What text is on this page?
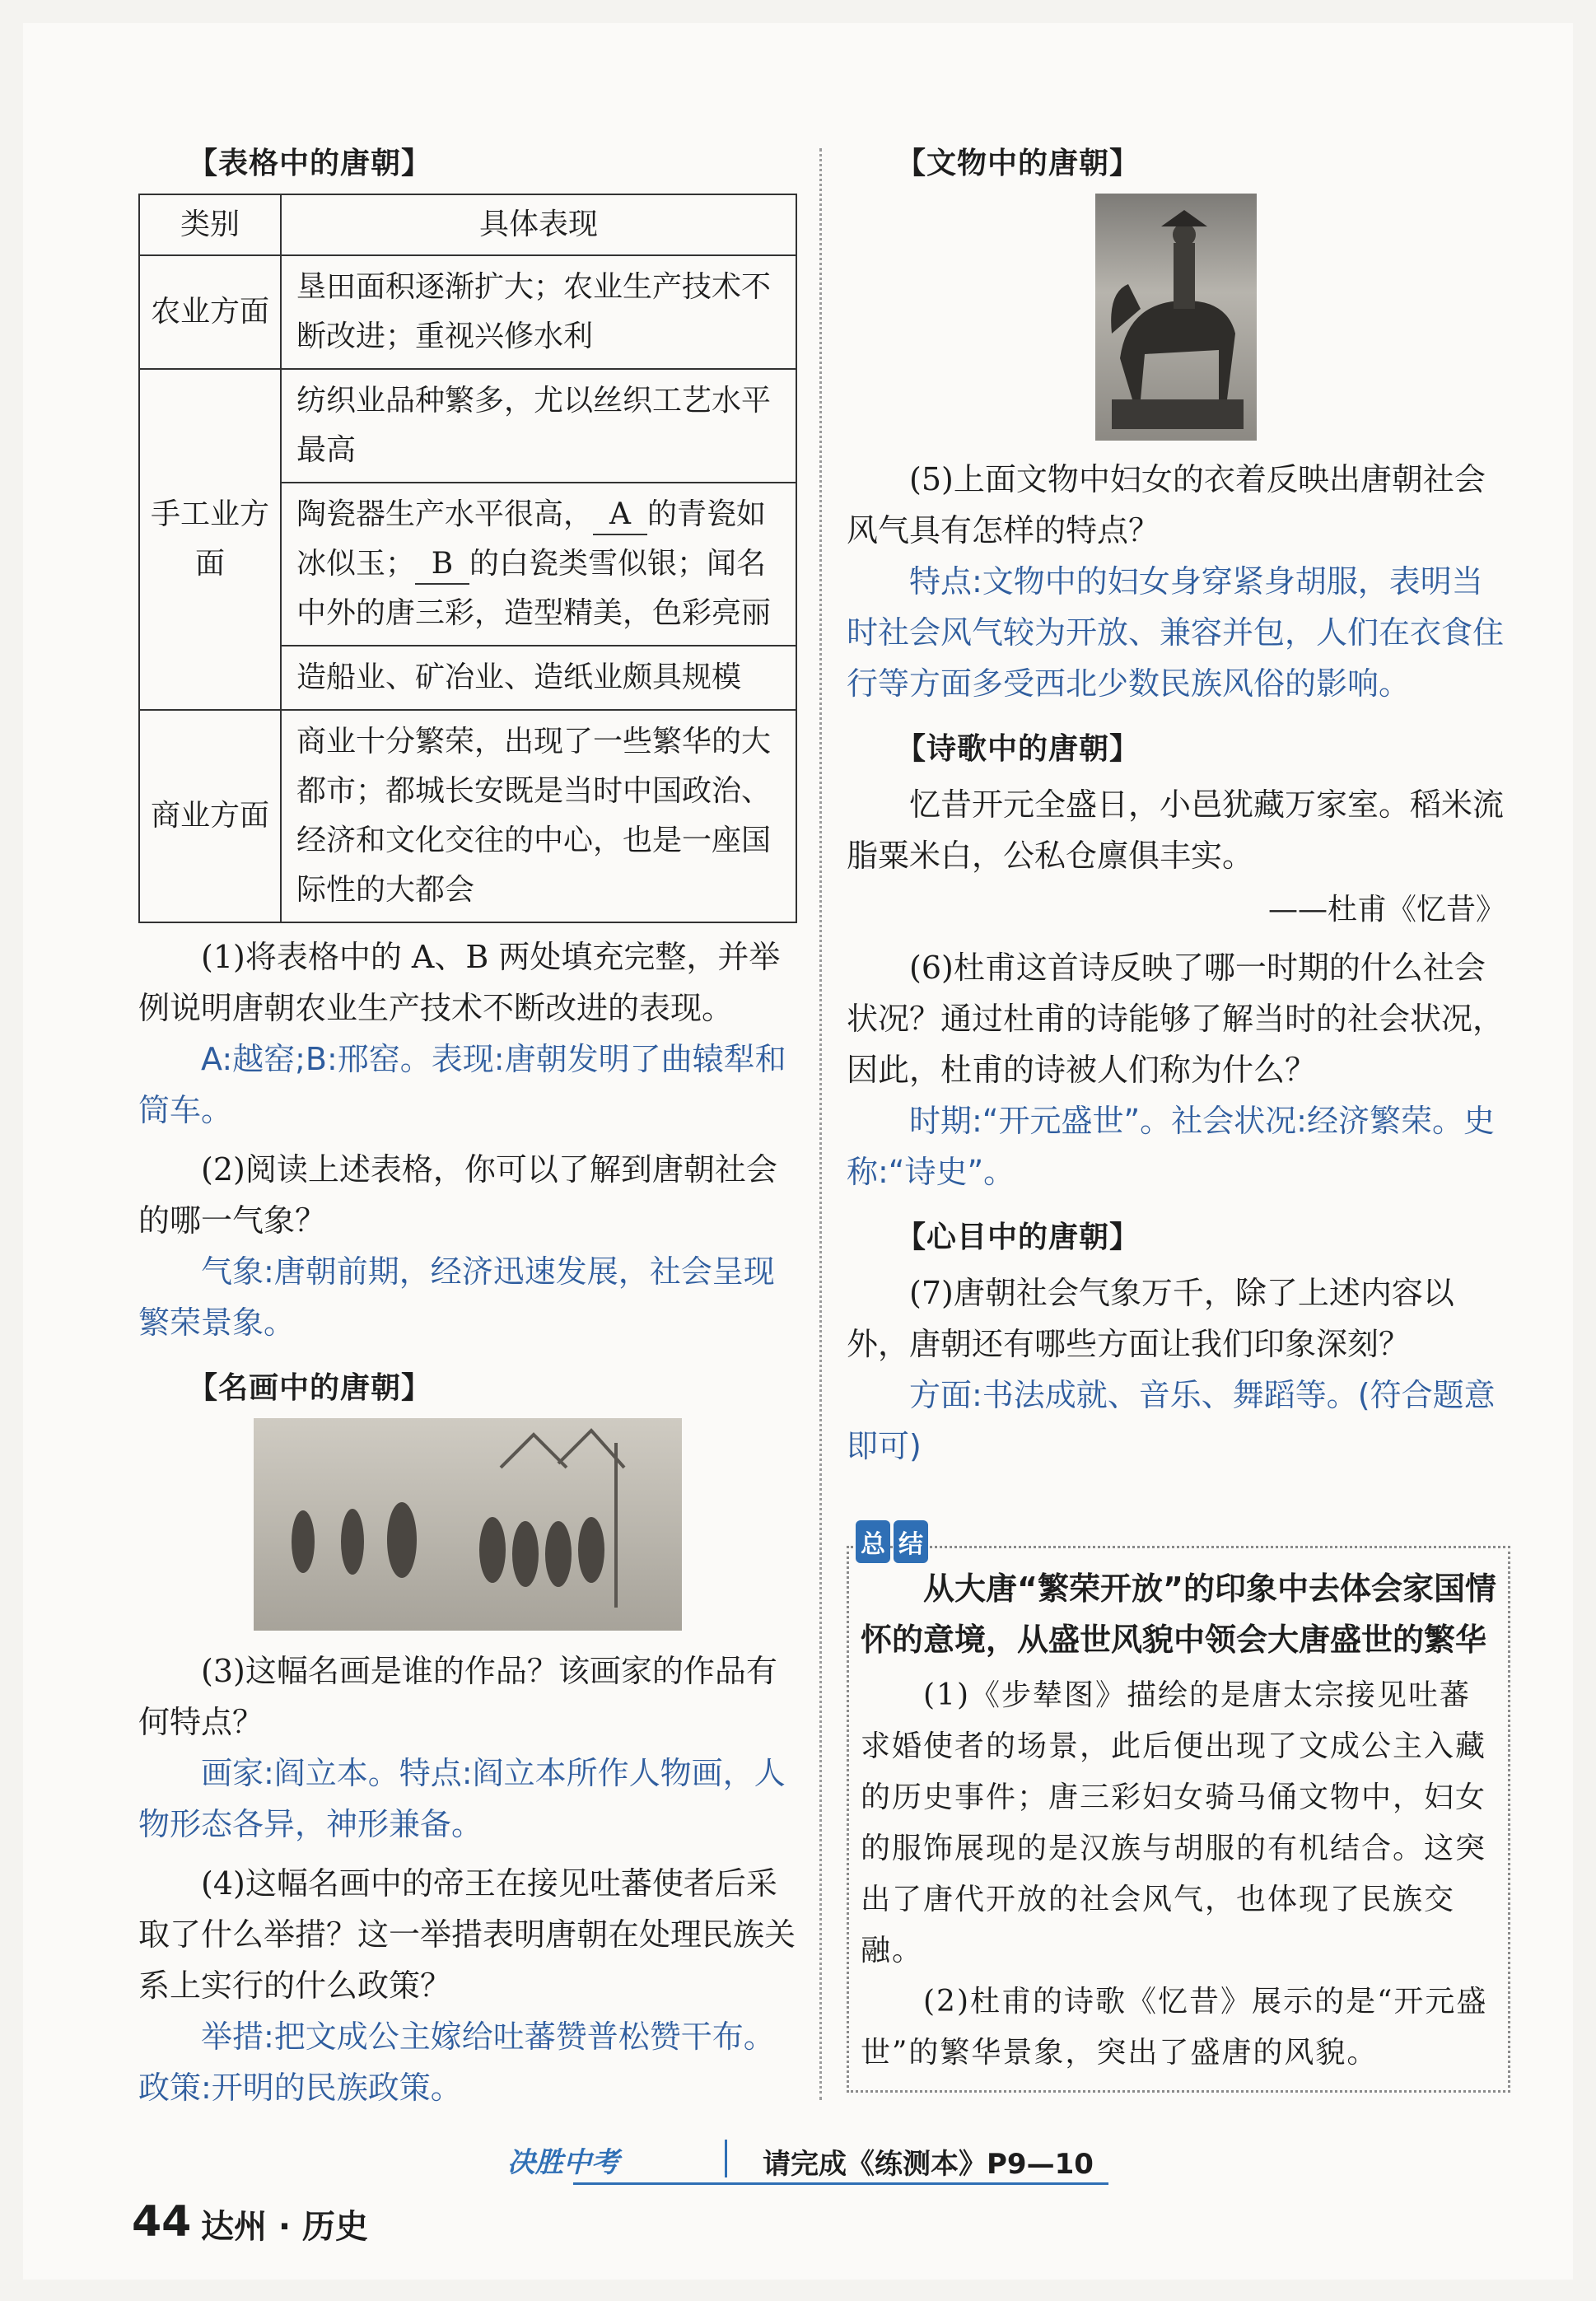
【表格中的唐朝】
类别	具体表现
农业方面	垦田面积逐渐扩大；农业生产技术不断改进；重视兴修水利
手工业方面	纺织业品种繁多，尤以丝织工艺水平最高
	陶瓷器生产水平很高， A 的青瓷如冰似玉； B 的白瓷类雪似银；闻名中外的唐三彩，造型精美，色彩亮丽
	造船业、矿冶业、造纸业颇具规模
商业方面	商业十分繁荣，出现了一些繁华的大都市；都城长安既是当时中国政治、经济和文化交往的中心，也是一座国际性的大都会

(1)将表格中的 A、B 两处填充完整，并举例说明唐朝农业生产技术不断改进的表现。

A:越窑;B:邢窑。表现:唐朝发明了曲辕犁和筒车。

(2)阅读上述表格，你可以了解到唐朝社会的哪一气象？

气象:唐朝前期，经济迅速发展，社会呈现繁荣景象。

【名画中的唐朝】

(3)这幅名画是谁的作品？该画家的作品有何特点？

画家:阎立本。特点:阎立本所作人物画，人物形态各异，神形兼备。

(4)这幅名画中的帝王在接见吐蕃使者后采取了什么举措？这一举措表明唐朝在处理民族关系上实行的什么政策？

举措:把文成公主嫁给吐蕃赞普松赞干布。政策:开明的民族政策。

【文物中的唐朝】

(5)上面文物中妇女的衣着反映出唐朝社会风气具有怎样的特点？

特点:文物中的妇女身穿紧身胡服，表明当时社会风气较为开放、兼容并包，人们在衣食住行等方面多受西北少数民族风俗的影响。

【诗歌中的唐朝】

忆昔开元全盛日，小邑犹藏万家室。稻米流脂粟米白，公私仓廪俱丰实。

——杜甫《忆昔》

(6)杜甫这首诗反映了哪一时期的什么社会状况？通过杜甫的诗能够了解当时的社会状况，因此，杜甫的诗被人们称为什么？

时期:“开元盛世”。社会状况:经济繁荣。史称:“诗史”。

【心目中的唐朝】

(7)唐朝社会气象万千，除了上述内容以外，唐朝还有哪些方面让我们印象深刻？

方面:书法成就、音乐、舞蹈等。(符合题意即可)

总 结

从大唐“繁荣开放”的印象中去体会家国情怀的意境，从盛世风貌中领会大唐盛世的繁华

(1)《步辇图》描绘的是唐太宗接见吐蕃求婚使者的场景，此后便出现了文成公主入藏的历史事件；唐三彩妇女骑马俑文物中，妇女的服饰展现的是汉族与胡服的有机结合。这突出了唐代开放的社会风气，也体现了民族交融。

(2)杜甫的诗歌《忆昔》展示的是“开元盛世”的繁华景象，突出了盛唐的风貌。

决胜中考	请完成《练测本》P9—10
44 达州 · 历史
